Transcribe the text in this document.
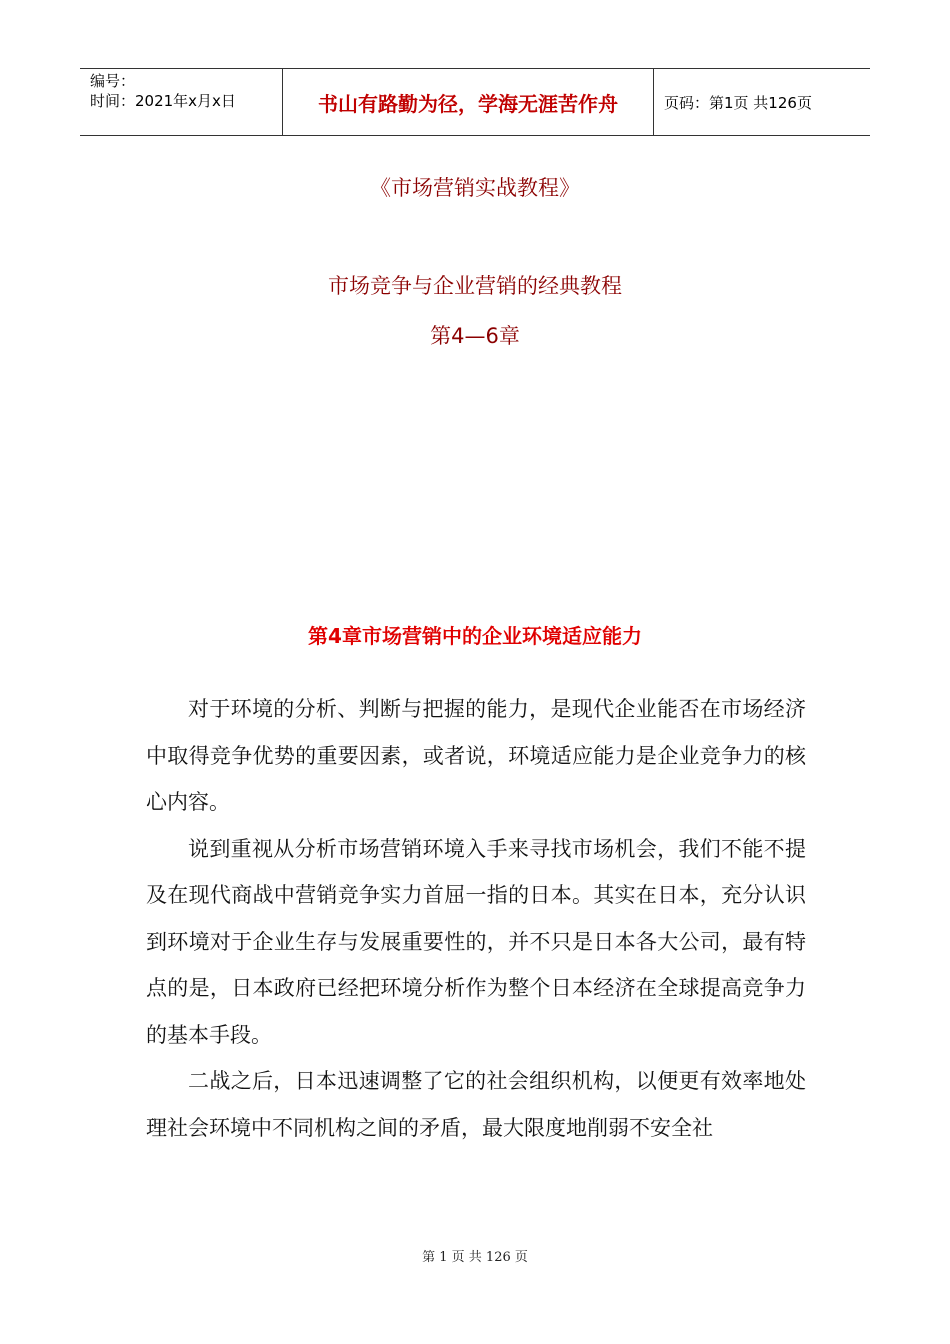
编号：
时间：2021年x月x日	书山有路勤为径，学海无涯苦作舟	页码：第1页 共126页
《市场营销实战教程》
市场竞争与企业营销的经典教程
第4—6章
第4章市场营销中的企业环境适应能力

对于环境的分析、判断与把握的能力，是现代企业能否在市场经济中取得竞争优势的重要因素，或者说，环境适应能力是企业竞争力的核心内容。

说到重视从分析市场营销环境入手来寻找市场机会，我们不能不提及在现代商战中营销竞争实力首屈一指的日本。其实在日本，充分认识到环境对于企业生存与发展重要性的，并不只是日本各大公司，最有特点的是，日本政府已经把环境分析作为整个日本经济在全球提高竞争力的基本手段。

二战之后，日本迅速调整了它的社会组织机构，以便更有效率地处理社会环境中不同机构之间的矛盾，最大限度地削弱不安全社

第 1 页 共 126 页
